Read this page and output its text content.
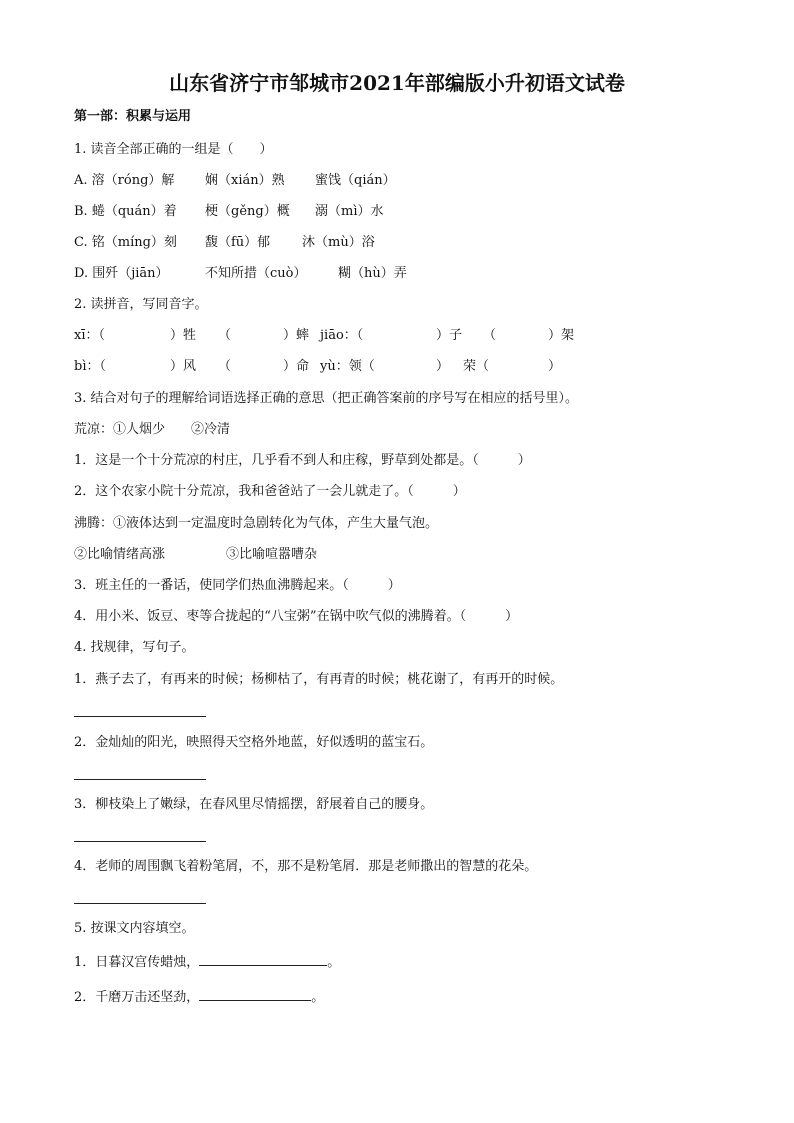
山东省济宁市邹城市2021年部编版小升初语文试卷
第一部：积累与运用
1. 读音全部正确的一组是（　　）
A. 溶（róng）解 娴（xián）熟 蜜饯（qián）
B. 蜷（quán）着 梗（gěng）概 溺（mì）水
C. 铭（míng）刻 馥（fū）郁 沐（mù）浴
D. 围歼（jiān）	不知所措（cuò） 糊（hù）弄
2. 读拼音，写同音字。
xī：（	）牲 （	）蟀 jiāo：（	）子 （	）架
bì：（	）风 （	）命 yù：领（	） 荣（	）
3. 结合对句子的理解给词语选择正确的意思（把正确答案前的序号写在相应的括号里）。
荒凉：①人烟少　　②冷清
1．这是一个十分荒凉的村庄，几乎看不到人和庄稼，野草到处都是。（　　　）
2．这个农家小院十分荒凉，我和爸爸站了一会儿就走了。（　　　）
沸腾：①液体达到一定温度时急剧转化为气体，产生大量气泡。
②比喻情绪高涨	③比喻喧嚣嘈杂
3．班主任的一番话，使同学们热血沸腾起来。（　　　）
4．用小米、饭豆、枣等合拢起的“八宝粥”在锅中吹气似的沸腾着。（　　　）
4. 找规律，写句子。
1．燕子去了，有再来的时候；杨柳枯了，有再青的时候；桃花谢了，有再开的时候。
2．金灿灿的阳光，映照得天空格外地蓝，好似透明的蓝宝石。
3．柳枝染上了嫩绿，在春风里尽情摇摆，舒展着自己的腰身。
4．老师的周围飘飞着粉笔屑，不，那不是粉笔屑．那是老师撒出的智慧的花朵。
5. 按课文内容填空。
1．日暮汉宫传蜡烛，	。
2．千磨万击还坚劲，	。
